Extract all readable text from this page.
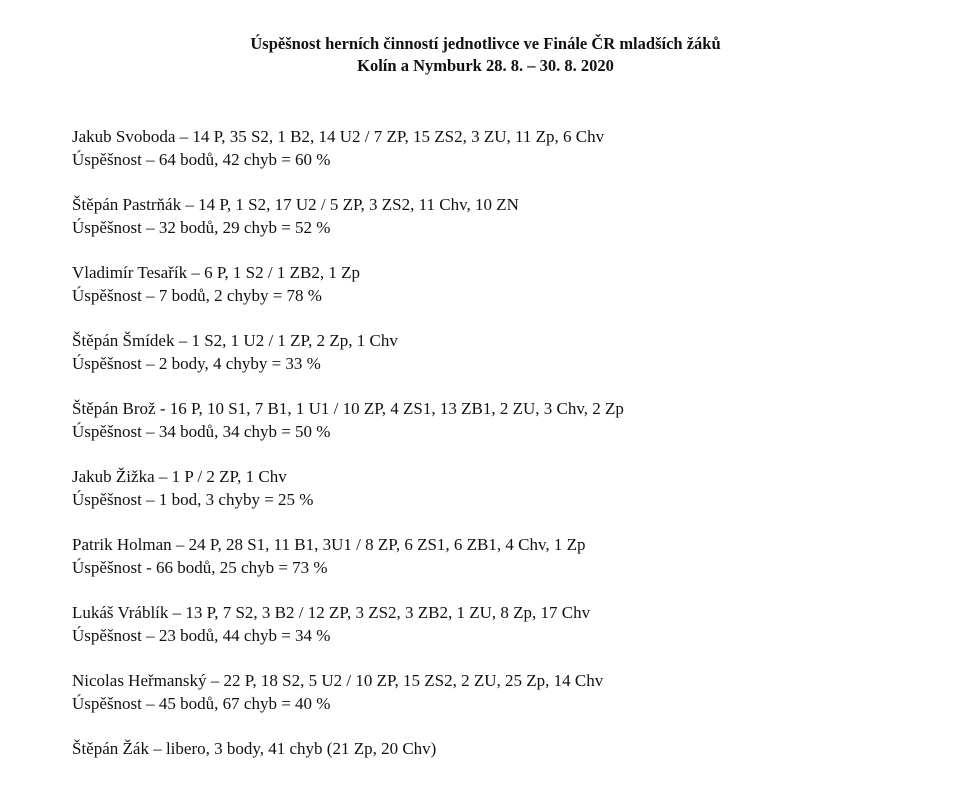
Úspěšnost herních činností jednotlivce ve Finále ČR mladších žáků
Kolín a Nymburk 28. 8. – 30. 8. 2020
Jakub Svoboda – 14 P, 35 S2, 1 B2, 14 U2 / 7 ZP, 15 ZS2, 3 ZU, 11 Zp, 6 Chv
Úspěšnost – 64 bodů, 42 chyb = 60 %
Štěpán Pastrňák – 14 P, 1 S2, 17 U2 / 5 ZP, 3 ZS2, 11 Chv, 10 ZN
Úspěšnost – 32 bodů, 29 chyb = 52 %
Vladimír Tesařík – 6 P, 1 S2 / 1 ZB2, 1 Zp
Úspěšnost – 7 bodů, 2 chyby = 78 %
Štěpán Šmídek – 1 S2, 1 U2 / 1 ZP, 2 Zp, 1 Chv
Úspěšnost – 2 body, 4 chyby = 33 %
Štěpán Brož - 16 P, 10 S1, 7 B1, 1 U1 / 10 ZP, 4 ZS1, 13 ZB1, 2 ZU, 3 Chv, 2 Zp
Úspěšnost – 34 bodů, 34 chyb = 50 %
Jakub Žižka – 1 P / 2 ZP, 1 Chv
Úspěšnost – 1 bod, 3 chyby = 25 %
Patrik Holman – 24 P, 28 S1, 11 B1, 3U1 / 8 ZP, 6 ZS1, 6 ZB1, 4 Chv, 1 Zp
Úspěšnost - 66 bodů, 25 chyb = 73 %
Lukáš Vráblík – 13 P, 7 S2, 3 B2 / 12 ZP, 3 ZS2, 3 ZB2, 1 ZU, 8 Zp, 17 Chv
Úspěšnost – 23 bodů, 44 chyb = 34 %
Nicolas Heřmanský – 22 P, 18 S2, 5 U2 / 10 ZP, 15 ZS2, 2 ZU, 25 Zp, 14 Chv
Úspěšnost – 45 bodů, 67 chyb = 40 %
Štěpán Žák – libero, 3 body, 41 chyb (21 Zp, 20 Chv)
